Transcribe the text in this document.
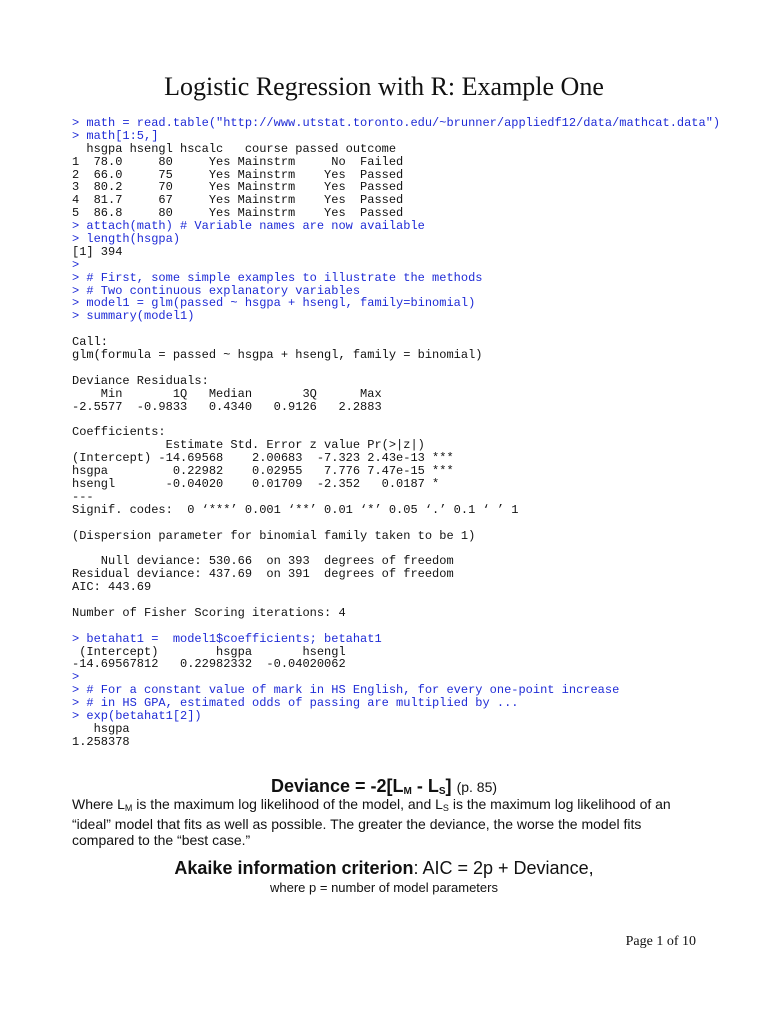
Logistic Regression with R: Example One
> math = read.table("http://www.utstat.toronto.edu/~brunner/appliedf12/data/mathcat.data")
> math[1:5,]
hsgpa hsengl hscalc   course passed outcome
1  78.0     80     Yes Mainstrm     No  Failed
2  66.0     75     Yes Mainstrm    Yes  Passed
3  80.2     70     Yes Mainstrm    Yes  Passed
4  81.7     67     Yes Mainstrm    Yes  Passed
5  86.8     80     Yes Mainstrm    Yes  Passed
> attach(math) # Variable names are now available
> length(hsgpa)
[1] 394
>
> # First, some simple examples to illustrate the methods
> # Two continuous explanatory variables
> model1 = glm(passed ~ hsgpa + hsengl, family=binomial)
> summary(model1)
Call:
glm(formula = passed ~ hsgpa + hsengl, family = binomial)
Deviance Residuals:
Min       1Q   Median       3Q      Max
-2.5577  -0.9833   0.4340   0.9126   2.2883
Coefficients:
Estimate Std. Error z value Pr(>|z|)
(Intercept) -14.69568    2.00683  -7.323 2.43e-13 ***
hsgpa         0.22982    0.02955   7.776 7.47e-15 ***
hsengl       -0.04020    0.01709  -2.352   0.0187 *
---
Signif. codes:  0 ‘***’ 0.001 ‘**’ 0.01 ‘*’ 0.05 ‘.’ 0.1 ‘ ’ 1
(Dispersion parameter for binomial family taken to be 1)
Null deviance: 530.66  on 393  degrees of freedom
Residual deviance: 437.69  on 391  degrees of freedom
AIC: 443.69
Number of Fisher Scoring iterations: 4
> betahat1 =  model1$coefficients; betahat1
(Intercept)        hsgpa       hsengl
-14.69567812   0.22982332  -0.04020062
>
> # For a constant value of mark in HS English, for every one-point increase
> # in HS GPA, estimated odds of passing are multiplied by ...
> exp(betahat1[2])
hsgpa
1.258378
Deviance = $-2[L_M - L_S]$ (p. 85)
Where $L_M$ is the maximum log likelihood of the model, and $L_S$ is the maximum log likelihood of an “ideal” model that fits as well as possible. The greater the deviance, the worse the model fits compared to the “best case.”
Akaike information criterion: AIC = 2p + Deviance,
where p = number of model parameters
Page 1 of 10
